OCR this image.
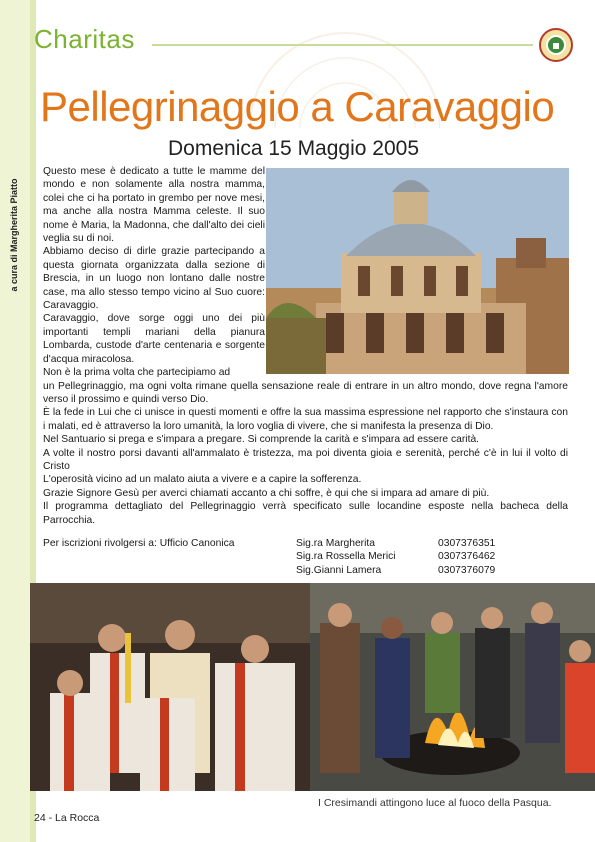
a cura di Margherita Piatto
Charitas
Pellegrinaggio a Caravaggio
Domenica 15 Maggio 2005

Questo mese è dedicato a tutte le mamme del mondo e non solamente alla nostra mamma, colei che ci ha portato in grembo per nove mesi, ma anche alla nostra Mamma celeste. Il suo nome è Maria, la Madonna, che dall'alto dei cieli veglia su di noi.

Abbiamo deciso di dirle grazie partecipando a questa giornata organizzata dalla sezione di Brescia, in un luogo non lontano dalle nostre case, ma allo stesso tempo vicino al Suo cuore: Caravaggio.

Caravaggio, dove sorge oggi uno dei più importanti templi mariani della pianura Lombarda, custode d'arte centenaria e sorgente d'acqua miracolosa.

Non è la prima volta che partecipiamo ad

un Pellegrinaggio, ma ogni volta rimane quella sensazione reale di entrare in un altro mondo, dove regna l'amore verso il prossimo e quindi verso Dio.

È la fede in Lui che ci unisce in questi momenti e offre la sua massima espressione nel rapporto che s'instaura con i malati, ed è attraverso la loro umanità, la loro voglia di vivere, che si manifesta la presenza di Dio.

Nel Santuario si prega e s'impara a pregare. Si comprende la carità e s'impara ad essere carità.

A volte il nostro porsi davanti all'ammalato è tristezza, ma poi diventa gioia e serenità, perché c'è in lui il volto di Cristo

L'operosità vicino ad un malato aiuta a vivere e a capire la sofferenza.

Grazie Signore Gesù per averci chiamati accanto a chi soffre, è qui che si impara ad amare di più.

Il programma dettagliato del Pellegrinaggio verrà specificato sulle locandine esposte nella bacheca della Parrocchia.

Per iscrizioni rivolgersi a: Ufficio Canonica	Sig.ra Margherita
Sig.ra Rossella Merici
Sig.Gianni Lamera
0307376351
0307376462
0307376079
I Cresimandi attingono luce al fuoco della Pasqua.
24 - La Rocca
